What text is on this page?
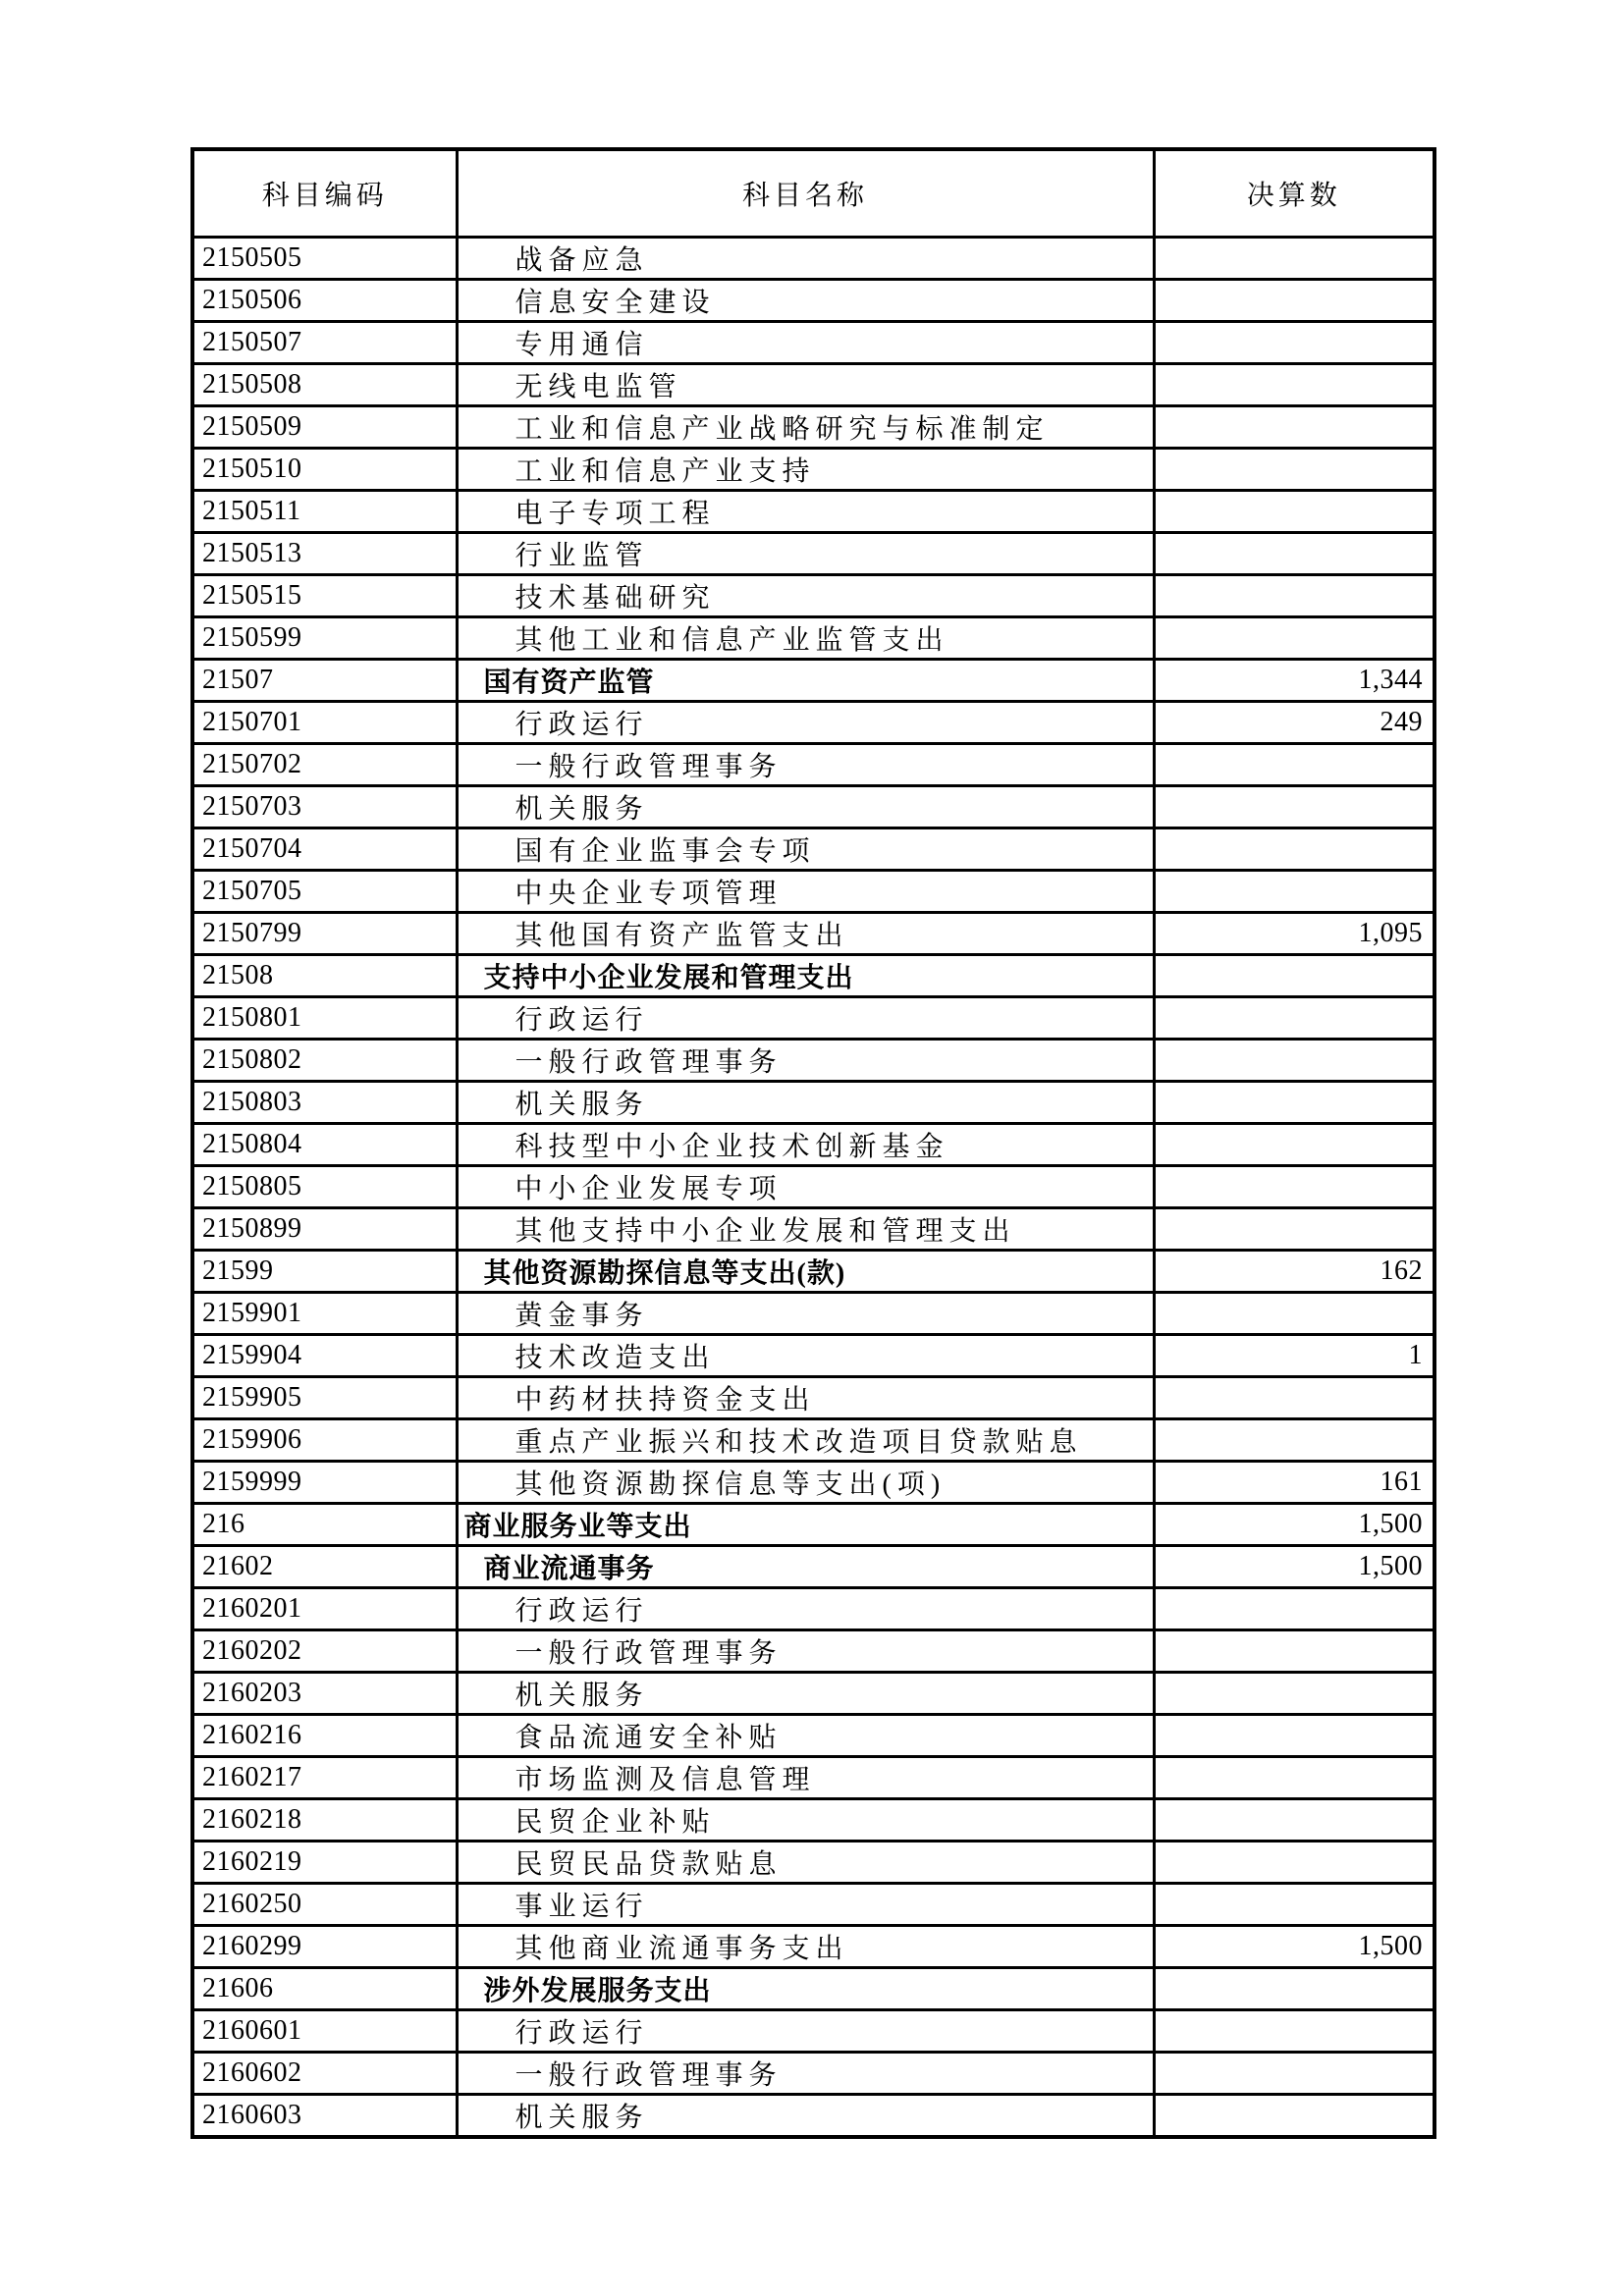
科目编码	科目名称	决算数
2150505	战备应急	
2150506	信息安全建设	
2150507	专用通信	
2150508	无线电监管	
2150509	工业和信息产业战略研究与标准制定	
2150510	工业和信息产业支持	
2150511	电子专项工程	
2150513	行业监管	
2150515	技术基础研究	
2150599	其他工业和信息产业监管支出	
21507	国有资产监管	1,344
2150701	行政运行	249
2150702	一般行政管理事务	
2150703	机关服务	
2150704	国有企业监事会专项	
2150705	中央企业专项管理	
2150799	其他国有资产监管支出	1,095
21508	支持中小企业发展和管理支出	
2150801	行政运行	
2150802	一般行政管理事务	
2150803	机关服务	
2150804	科技型中小企业技术创新基金	
2150805	中小企业发展专项	
2150899	其他支持中小企业发展和管理支出	
21599	其他资源勘探信息等支出(款)	162
2159901	黄金事务	
2159904	技术改造支出	1
2159905	中药材扶持资金支出	
2159906	重点产业振兴和技术改造项目贷款贴息	
2159999	其他资源勘探信息等支出(项)	161
216	商业服务业等支出	1,500
21602	商业流通事务	1,500
2160201	行政运行	
2160202	一般行政管理事务	
2160203	机关服务	
2160216	食品流通安全补贴	
2160217	市场监测及信息管理	
2160218	民贸企业补贴	
2160219	民贸民品贷款贴息	
2160250	事业运行	
2160299	其他商业流通事务支出	1,500
21606	涉外发展服务支出	
2160601	行政运行	
2160602	一般行政管理事务	
2160603	机关服务	
